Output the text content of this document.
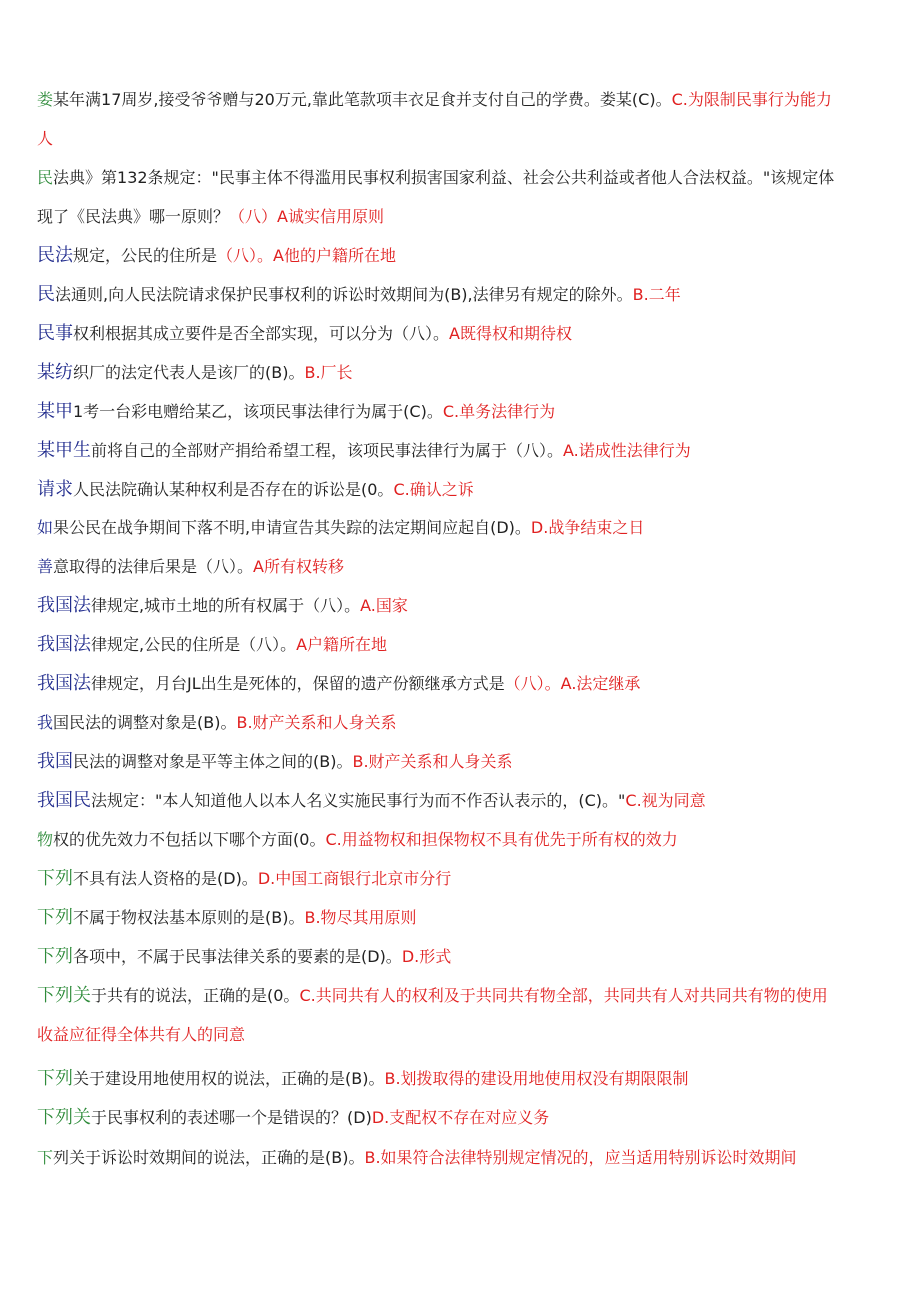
娄某年满17周岁,接受爷爷赠与20万元,靠此笔款项丰衣足食并支付自己的学费。娄某(C)。C.为限制民事行为能力
人
民法典》第132条规定："民事主体不得滥用民事权利损害国家利益、社会公共利益或者他人合法权益。"该规定体
现了《民法典》哪一原则？（八）A诚实信用原则
民法规定，公民的住所是（八）。A他的户籍所在地
民法通则,向人民法院请求保护民事权利的诉讼时效期间为(B),法律另有规定的除外。B.二年
民事权利根据其成立要件是否全部实现，可以分为（八）。A既得权和期待权
某纺织厂的法定代表人是该厂的(B)。B.厂长
某甲1考一台彩电赠给某乙，该项民事法律行为属于(C)。C.单务法律行为
某甲生前将自己的全部财产捐给希望工程，该项民事法律行为属于（八）。A.诺成性法律行为
请求人民法院确认某种权利是否存在的诉讼是(0。C.确认之诉
如果公民在战争期间下落不明,申请宣告其失踪的法定期间应起自(D)。D.战争结束之日
善意取得的法律后果是（八）。A所有权转移
我国法律规定,城市土地的所有权属于（八）。A.国家
我国法律规定,公民的住所是（八）。A户籍所在地
我国法律规定，月台JL出生是死体的，保留的遗产份额继承方式是（八）。A.法定继承
我国民法的调整对象是(B)。B.财产关系和人身关系
我国民法的调整对象是平等主体之间的(B)。B.财产关系和人身关系
我国民法规定："本人知道他人以本人名义实施民事行为而不作否认表示的，(C)。"C.视为同意
物权的优先效力不包括以下哪个方面(0。C.用益物权和担保物权不具有优先于所有权的效力
下列不具有法人资格的是(D)。D.中国工商银行北京市分行
下列不属于物权法基本原则的是(B)。B.物尽其用原则
下列各项中，不属于民事法律关系的要素的是(D)。D.形式
下列关于共有的说法，正确的是(0。C.共同共有人的权利及于共同共有物全部，共同共有人对共同共有物的使用
收益应征得全体共有人的同意
下列关于建设用地使用权的说法，正确的是(B)。B.划拨取得的建设用地使用权没有期限限制
下列关于民事权利的表述哪一个是错误的？(D)D.支配权不存在对应义务
下列关于诉讼时效期间的说法，正确的是(B)。B.如果符合法律特别规定情况的，应当适用特别诉讼时效期间
